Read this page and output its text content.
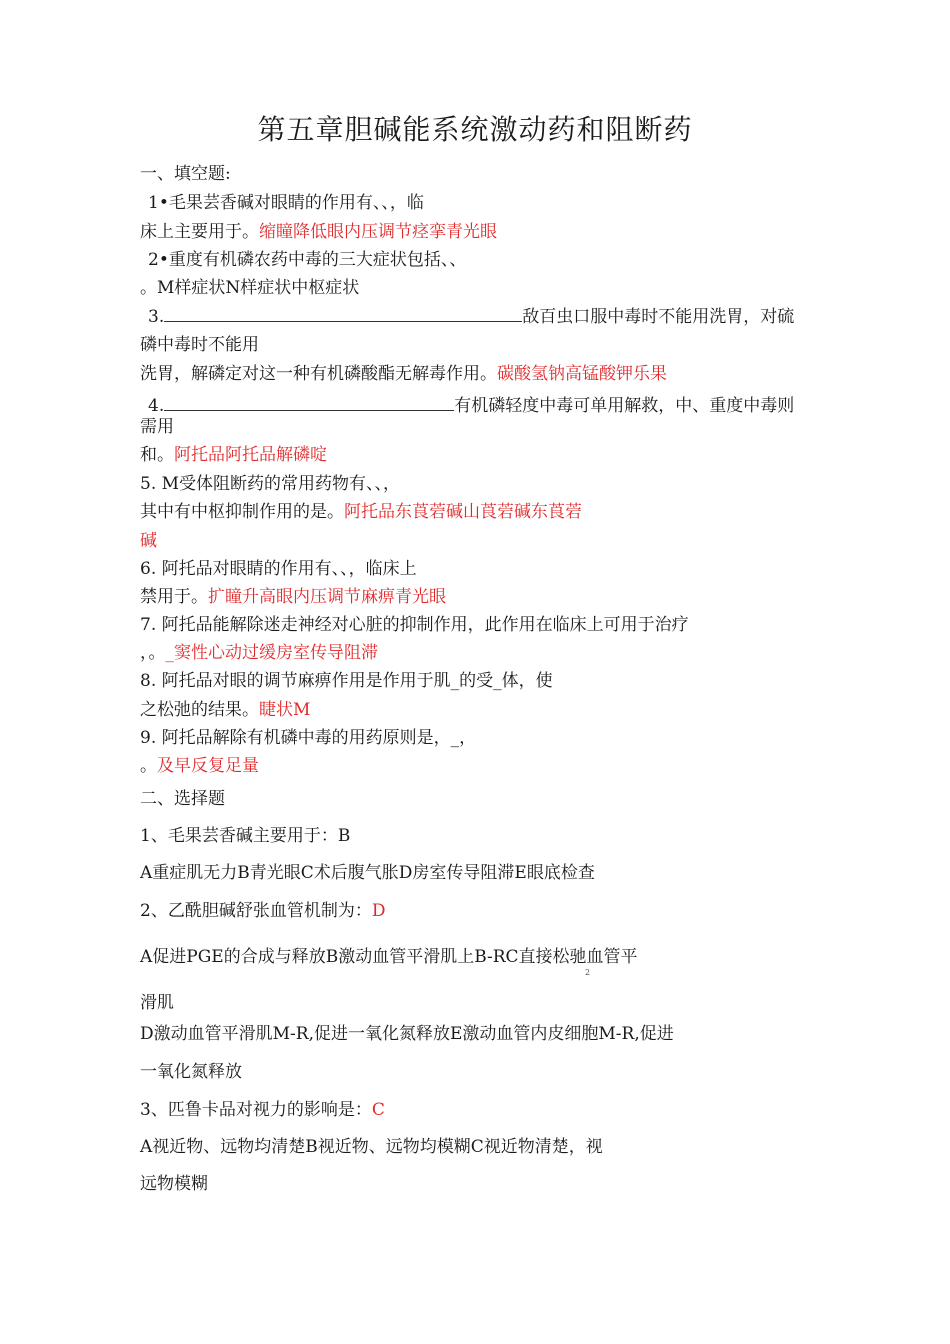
第五章胆碱能系统激动药和阻断药
一、填空题:
1•毛果芸香碱对眼睛的作用有、、，临
床上主要用于。缩瞳降低眼内压调节痉挛青光眼
2•重度有机磷农药中毒的三大症状包括、、
。M样症状N样症状中枢症状
3.	敌百虫口服中毒时不能用洗胃，对硫
磷中毒时不能用
洗胃，解磷定对这一种有机磷酸酯无解毒作用。碳酸氢钠高锰酸钾乐果
4.	有机磷轻度中毒可单用解救，中、重度中毒则
需用
和。阿托品阿托品解磷啶
5. M受体阻断药的常用药物有、、，
其中有中枢抑制作用的是。阿托品东莨菪碱山莨菪碱东莨菪
碱
6. 阿托品对眼睛的作用有、、，临床上
禁用于。扩瞳升高眼内压调节麻痹青光眼
7. 阿托品能解除迷走神经对心脏的抑制作用，此作用在临床上可用于治疗
，。_窦性心动过缓房室传导阻滞
8. 阿托品对眼的调节麻痹作用是作用于肌_的受_体，使
之松弛的结果。睫状M
9. 阿托品解除有机磷中毒的用药原则是，_，
。及早反复足量
二、选择题
1、毛果芸香碱主要用于：B
A重症肌无力B青光眼C术后腹气胀D房室传导阻滞E眼底检查
2、乙酰胆碱舒张血管机制为：D
A促进PGE的合成与释放B激动血管平滑肌上B-RC直接松驰血管平
2
滑肌
D激动血管平滑肌M-R,促进一氧化氮释放E激动血管内皮细胞M-R,促进
一氧化氮释放
3、匹鲁卡品对视力的影响是：C
A视近物、远物均清楚B视近物、远物均模糊C视近物清楚，视
远物模糊
